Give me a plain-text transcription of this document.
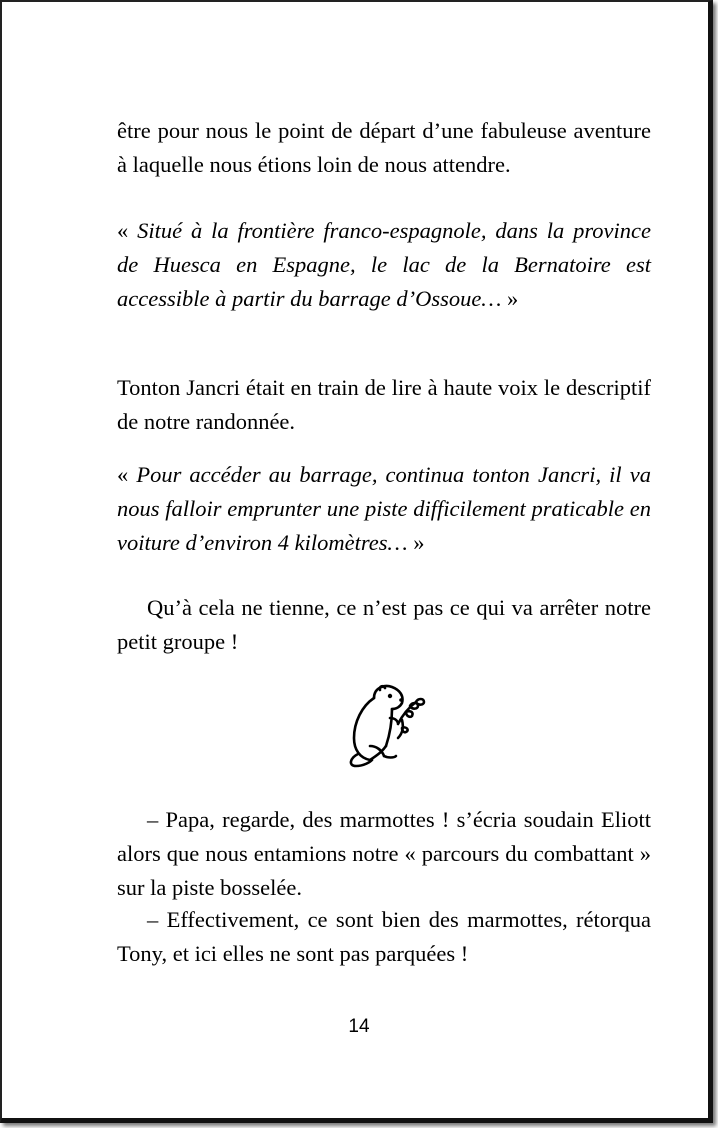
être pour nous le point de départ d’une fabuleuse aventure à laquelle nous étions loin de nous attendre.

« Situé à la frontière franco-espagnole, dans la province de Huesca en Espagne, le lac de la Bernatoire est accessible à partir du barrage d’Ossoue… »

Tonton Jancri était en train de lire à haute voix le descriptif de notre randonnée.

« Pour accéder au barrage, continua tonton Jancri, il va nous falloir emprunter une piste difficilement praticable en voiture d’environ 4 kilomètres… »

Qu’à cela ne tienne, ce n’est pas ce qui va arrêter notre petit groupe !

– Papa, regarde, des marmottes ! s’écria soudain Eliott alors que nous entamions notre « parcours du combattant » sur la piste bosselée.

– Effectivement, ce sont bien des marmottes, rétorqua Tony, et ici elles ne sont pas parquées !

14
